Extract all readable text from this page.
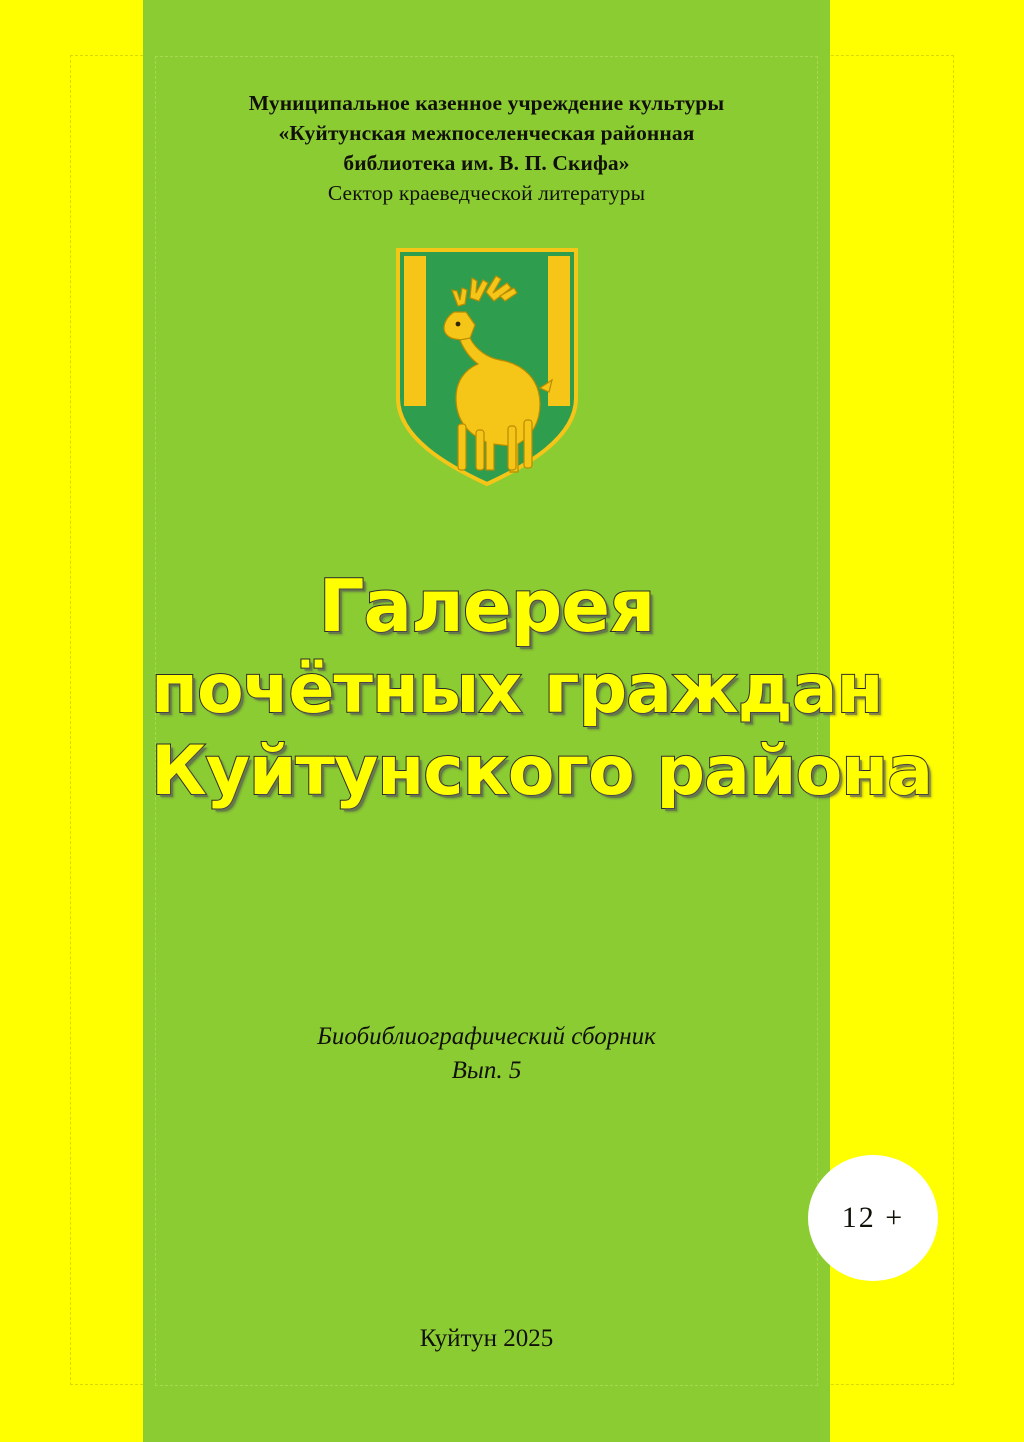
Муниципальное казенное учреждение культуры
«Куйтунская межпоселенческая районная
библиотека им. В. П. Скифа»
Сектор краеведческой литературы
Галерея
почётных граждан
Куйтунского района
Биобиблиографический сборник
Вып. 5
12 +
Куйтун 2025
